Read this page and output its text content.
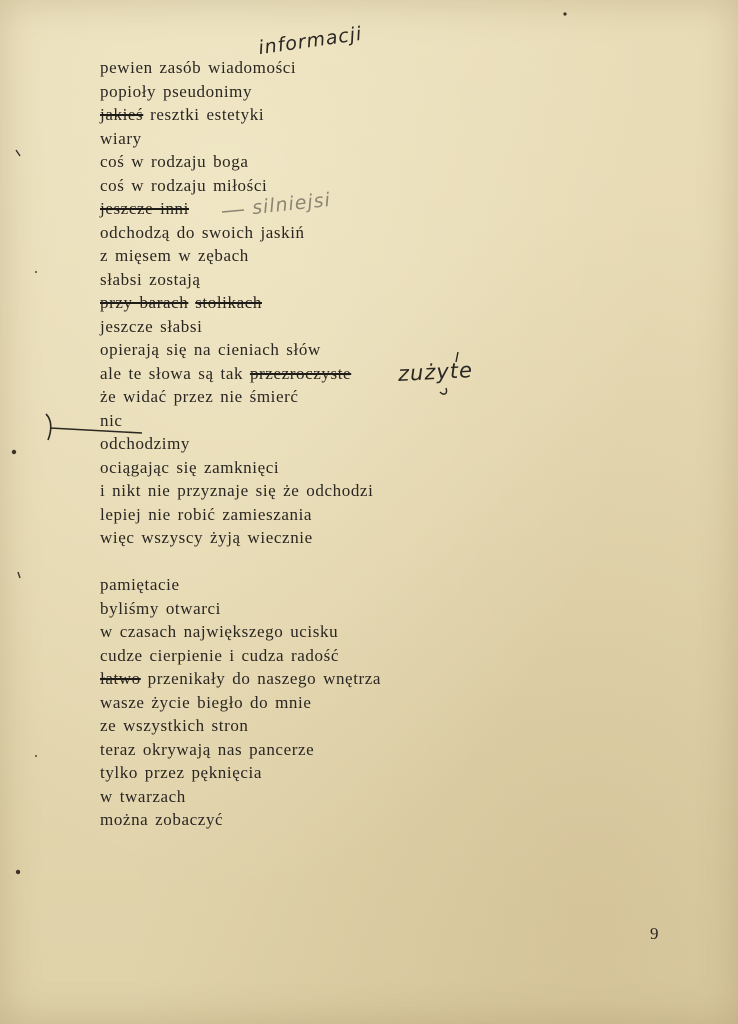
informacji
silniejsi
zużyte
pewien zasób wiadomości
popioły pseudonimy
jakieś resztki estetyki
wiary
coś w rodzaju boga
coś w rodzaju miłości
jeszcze inni
odchodzą do swoich jaskiń
z mięsem w zębach
słabsi zostają
przy barach stolikach
jeszcze słabsi
opierają się na cieniach słów
ale te słowa są tak przezroczyste
że widać przez nie śmierć
nic
odchodzimy
ociągając się zamknięci
i nikt nie przyznaje się że odchodzi
lepiej nie robić zamieszania
więc wszyscy żyją wiecznie
pamiętacie
byliśmy otwarci
w czasach największego ucisku
cudze cierpienie i cudza radość
łatwo przenikały do naszego wnętrza
wasze życie biegło do mnie
ze wszystkich stron
teraz okrywają nas pancerze
tylko przez pęknięcia
w twarzach
można zobaczyć
9
